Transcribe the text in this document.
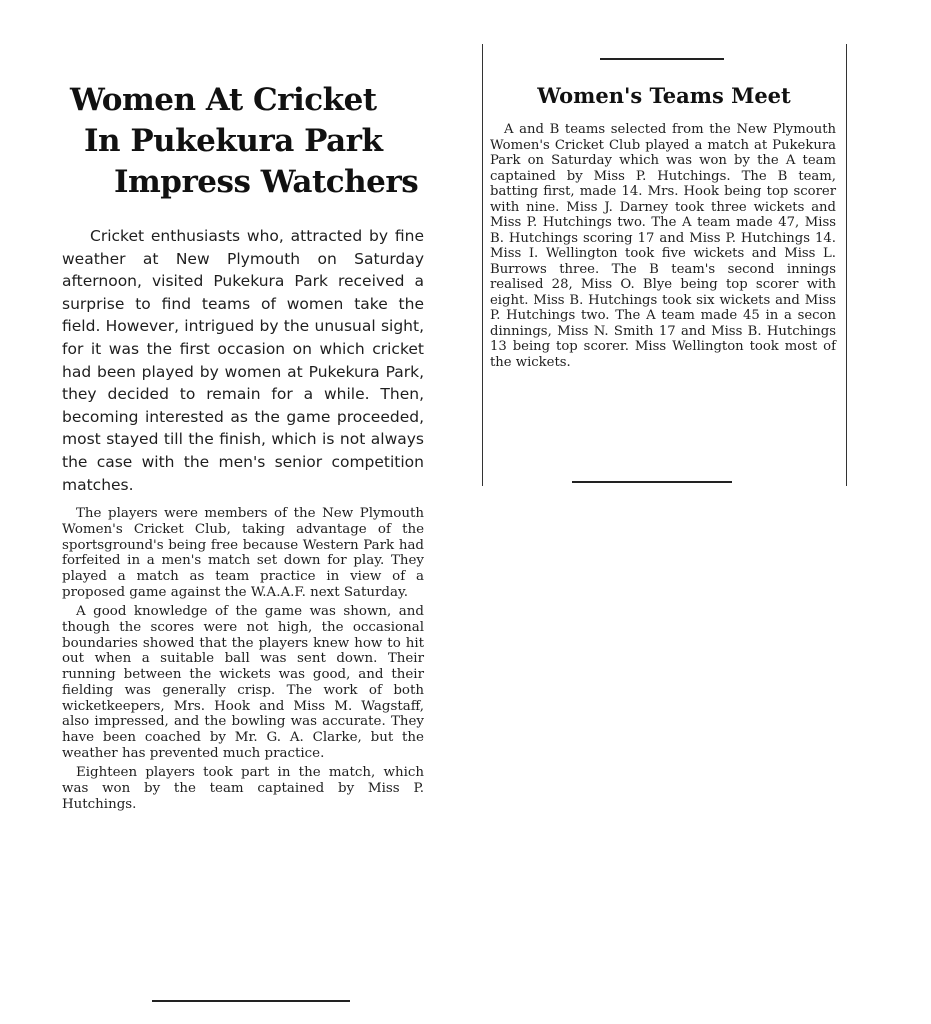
Women At Cricket
In Pukekura Park
Impress Watchers

Cricket enthusiasts who, attracted by fine weather at New Plymouth on Saturday afternoon, visited Pukekura Park received a surprise to find teams of women take the field. However, intrigued by the unusual sight, for it was the first occasion on which cricket had been played by women at Pukekura Park, they decided to remain for a while. Then, becoming interested as the game proceeded, most stayed till the finish, which is not always the case with the men's senior competition matches.

The players were members of the New Plymouth Women's Cricket Club, taking advantage of the sportsground's being free because Western Park had forfeited in a men's match set down for play. They played a match as team practice in view of a proposed game against the W.A.A.F. next Saturday.

A good knowledge of the game was shown, and though the scores were not high, the occasional boundaries showed that the players knew how to hit out when a suitable ball was sent down. Their running between the wickets was good, and their fielding was generally crisp. The work of both wicketkeepers, Mrs. Hook and Miss M. Wagstaff, also impressed, and the bowling was accurate. They have been coached by Mr. G. A. Clarke, but the weather has prevented much practice.

Eighteen players took part in the match, which was won by the team captained by Miss P. Hutchings.

Women's Teams Meet

A and B teams selected from the New Plymouth Women's Cricket Club played a match at Pukekura Park on Saturday which was won by the A team captained by Miss P. Hutchings. The B team, batting first, made 14. Mrs. Hook being top scorer with nine. Miss J. Darney took three wickets and Miss P. Hutchings two. The A team made 47, Miss B. Hutchings scoring 17 and Miss P. Hutchings 14. Miss I. Wellington took five wickets and Miss L. Burrows three. The B team's second innings realised 28, Miss O. Blye being top scorer with eight. Miss B. Hutchings took six wickets and Miss P. Hutchings two. The A team made 45 in a secon dinnings, Miss N. Smith 17 and Miss B. Hutchings 13 being top scorer. Miss Wellington took most of the wickets.
